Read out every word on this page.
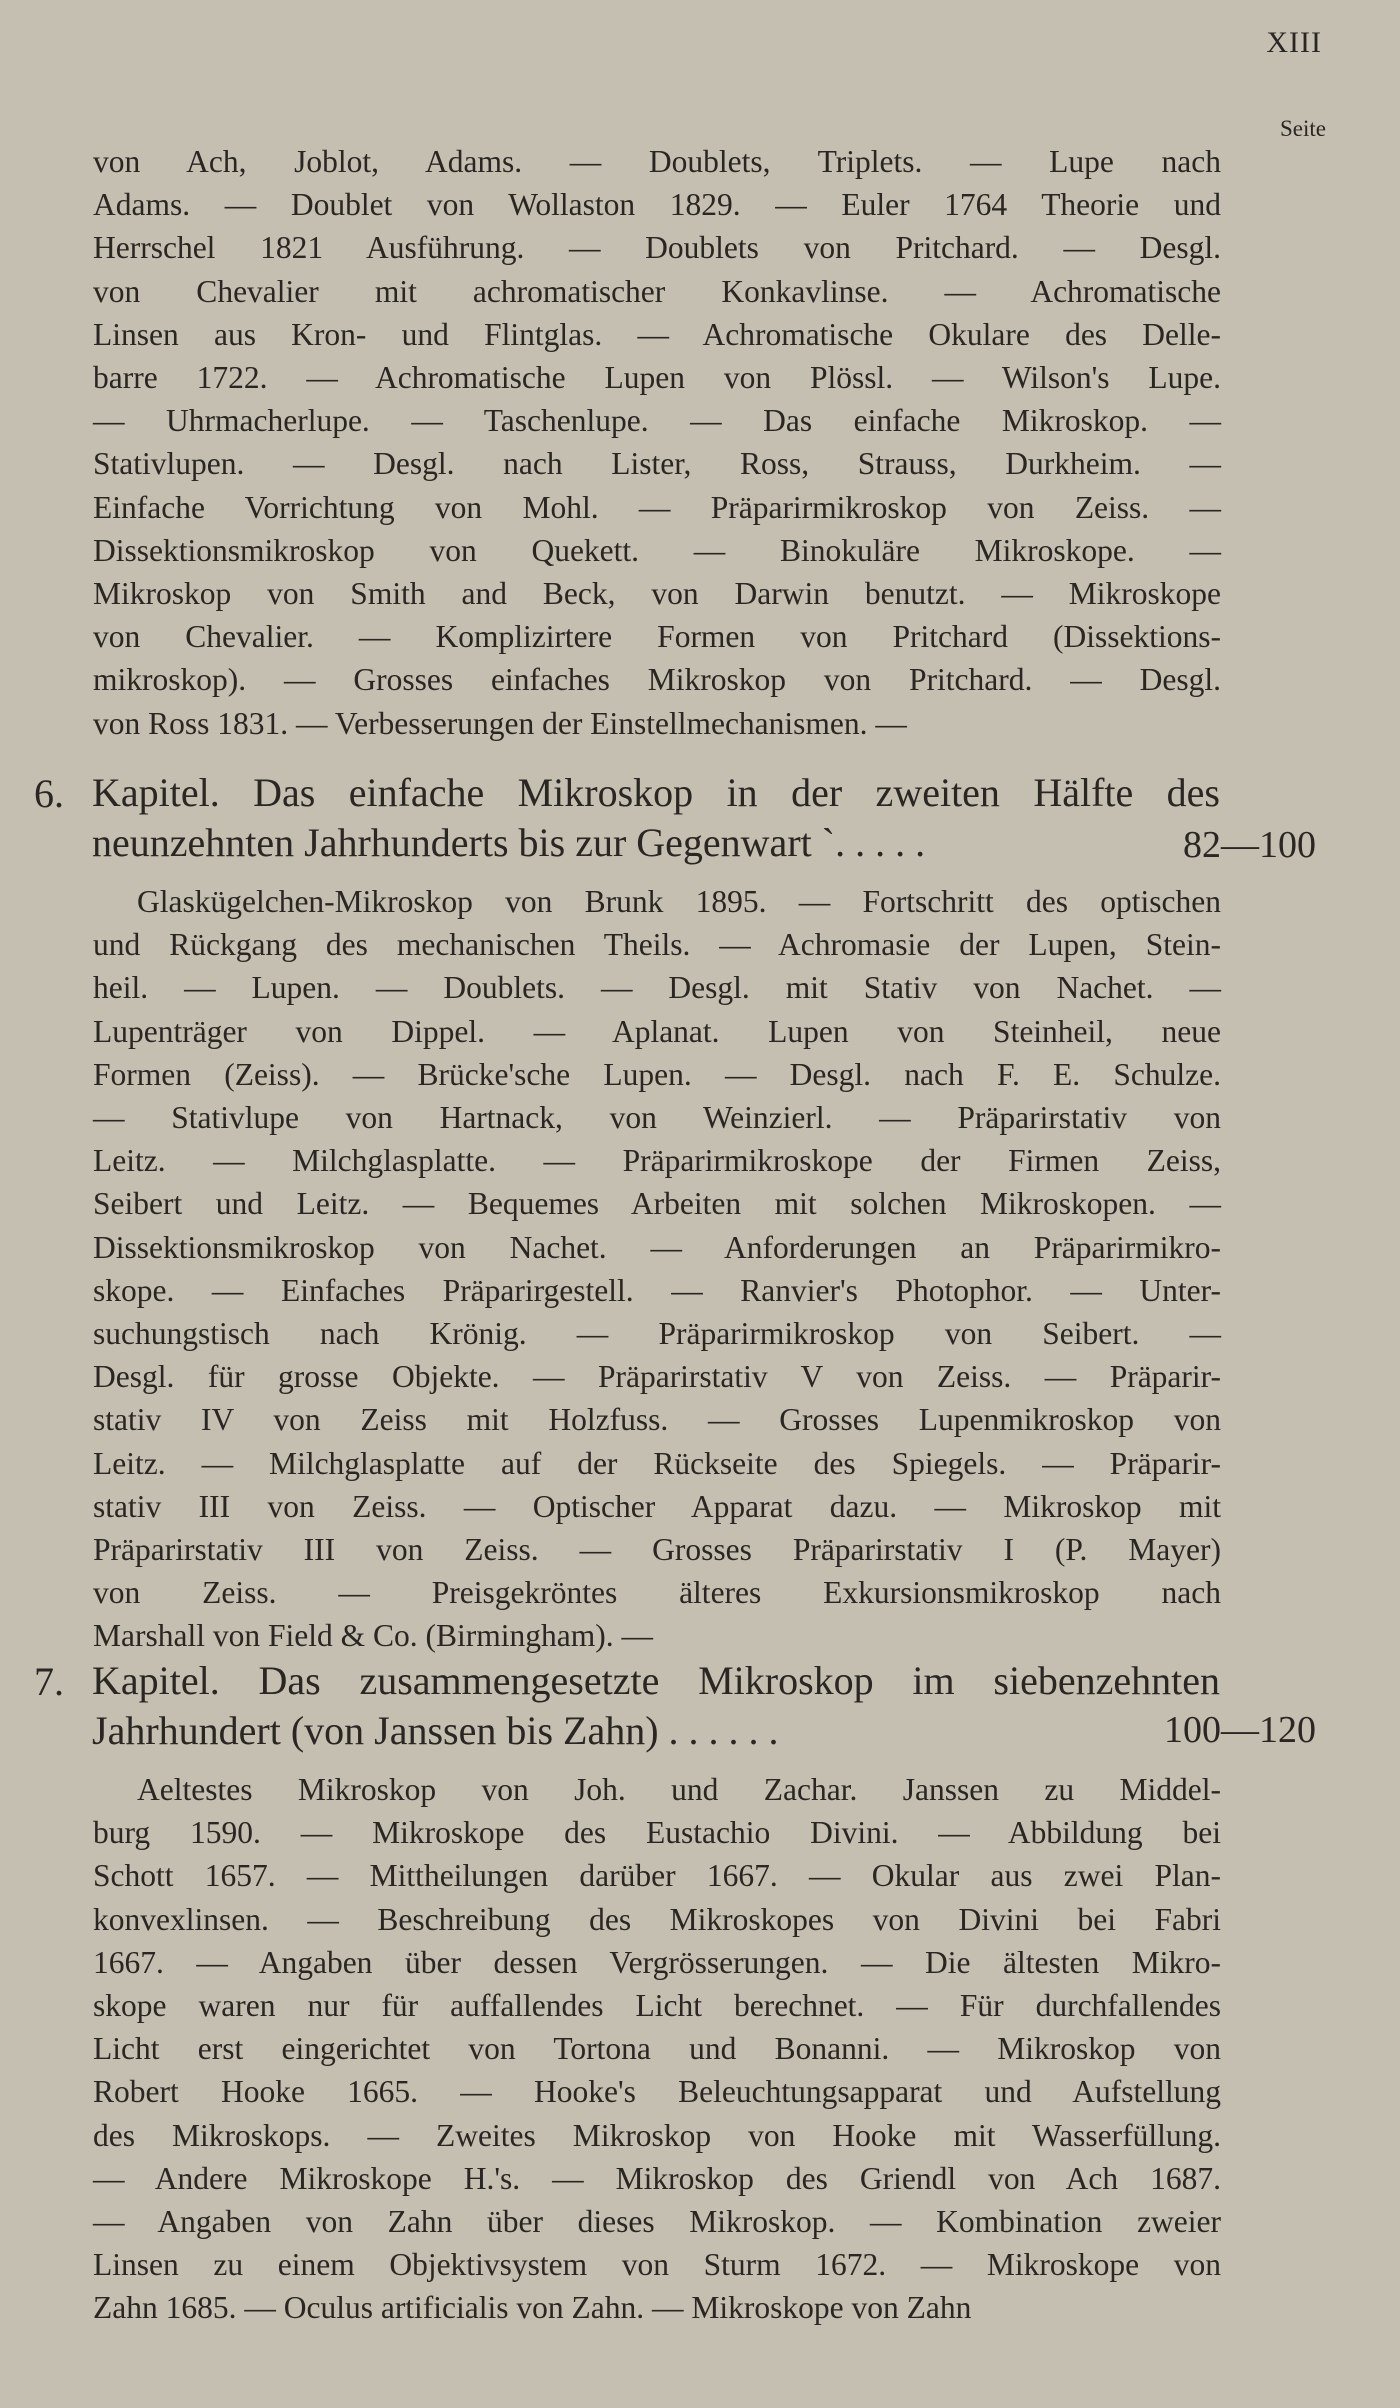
XIII
Seite
von Ach, Joblot, Adams. — Doublets, Triplets. — Lupe nach
Adams. — Doublet von Wollaston 1829. — Euler 1764 Theorie und
Herrschel 1821 Ausführung. — Doublets von Pritchard. — Desgl.
von Chevalier mit achromatischer Konkavlinse. — Achromatische
Linsen aus Kron- und Flintglas. — Achromatische Okulare des Delle-
barre 1722. — Achromatische Lupen von Plössl. — Wilson's Lupe.
— Uhrmacherlupe. — Taschenlupe. — Das einfache Mikroskop. —
Stativlupen. — Desgl. nach Lister, Ross, Strauss, Durkheim. —
Einfache Vorrichtung von Mohl. — Präparirmikroskop von Zeiss. —
Dissektionsmikroskop von Quekett. — Binokuläre Mikroskope. —
Mikroskop von Smith and Beck, von Darwin benutzt. — Mikroskope
von Chevalier. — Komplizirtere Formen von Pritchard (Dissektions-
mikroskop). — Grosses einfaches Mikroskop von Pritchard. — Desgl.
von Ross 1831. — Verbesserungen der Einstellmechanismen. —
6. Kapitel. Das einfache Mikroskop in der zweiten Hälfte des
neunzehnten Jahrhunderts bis zur Gegenwart `. . . . .	82—100
Glaskügelchen-Mikroskop von Brunk 1895. — Fortschritt des optischen
und Rückgang des mechanischen Theils. — Achromasie der Lupen, Stein-
heil. — Lupen. — Doublets. — Desgl. mit Stativ von Nachet. —
Lupenträger von Dippel. — Aplanat. Lupen von Steinheil, neue
Formen (Zeiss). — Brücke'sche Lupen. — Desgl. nach F. E. Schulze.
— Stativlupe von Hartnack, von Weinzierl. — Präparirstativ von
Leitz. — Milchglasplatte. — Präparirmikroskope der Firmen Zeiss,
Seibert und Leitz. — Bequemes Arbeiten mit solchen Mikroskopen. —
Dissektionsmikroskop von Nachet. — Anforderungen an Präparirmikro-
skope. — Einfaches Präparirgestell. — Ranvier's Photophor. — Unter-
suchungstisch nach Krönig. — Präparirmikroskop von Seibert. —
Desgl. für grosse Objekte. — Präparirstativ V von Zeiss. — Präparir-
stativ IV von Zeiss mit Holzfuss. — Grosses Lupenmikroskop von
Leitz. — Milchglasplatte auf der Rückseite des Spiegels. — Präparir-
stativ III von Zeiss. — Optischer Apparat dazu. — Mikroskop mit
Präparirstativ III von Zeiss. — Grosses Präparirstativ I (P. Mayer)
von Zeiss. — Preisgekröntes älteres Exkursionsmikroskop nach
Marshall von Field & Co. (Birmingham). —
7. Kapitel. Das zusammengesetzte Mikroskop im siebenzehnten
Jahrhundert (von Janssen bis Zahn) . . . . . .	100—120
Aeltestes Mikroskop von Joh. und Zachar. Janssen zu Middel-
burg 1590. — Mikroskope des Eustachio Divini. — Abbildung bei
Schott 1657. — Mittheilungen darüber 1667. — Okular aus zwei Plan-
konvexlinsen. — Beschreibung des Mikroskopes von Divini bei Fabri
1667. — Angaben über dessen Vergrösserungen. — Die ältesten Mikro-
skope waren nur für auffallendes Licht berechnet. — Für durchfallendes
Licht erst eingerichtet von Tortona und Bonanni. — Mikroskop von
Robert Hooke 1665. — Hooke's Beleuchtungsapparat und Aufstellung
des Mikroskops. — Zweites Mikroskop von Hooke mit Wasserfüllung.
— Andere Mikroskope H.'s. — Mikroskop des Griendl von Ach 1687.
— Angaben von Zahn über dieses Mikroskop. — Kombination zweier
Linsen zu einem Objektivsystem von Sturm 1672. — Mikroskope von
Zahn 1685. — Oculus artificialis von Zahn. — Mikroskope von Zahn
